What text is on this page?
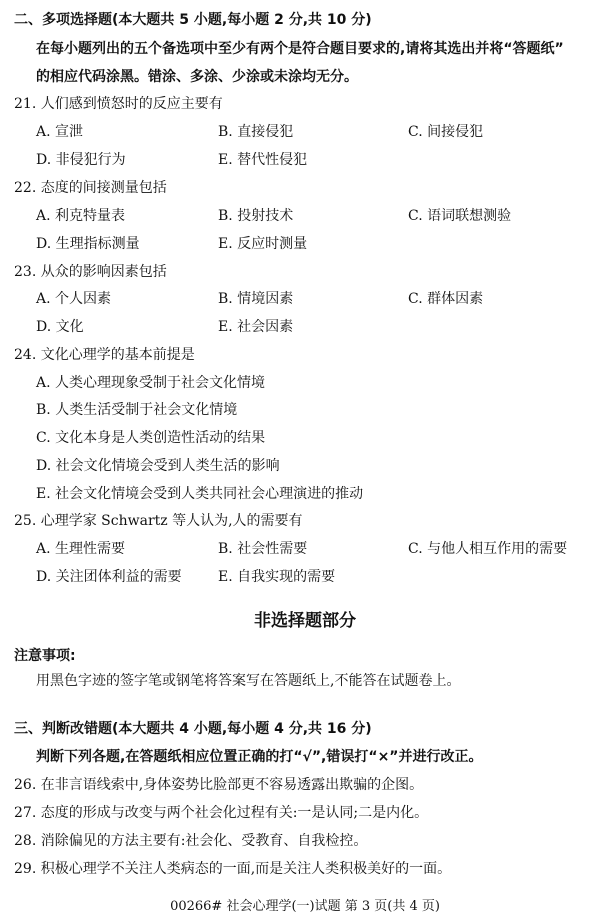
二、多项选择题(本大题共 5 小题,每小题 2 分,共 10 分)
在每小题列出的五个备选项中至少有两个是符合题目要求的,请将其选出并将“答题纸”
的相应代码涂黑。错涂、多涂、少涂或未涂均无分。
21. 人们感到愤怒时的反应主要有
A. 宣泄	B. 直接侵犯	C. 间接侵犯
D. 非侵犯行为	E. 替代性侵犯
22. 态度的间接测量包括
A. 利克特量表	B. 投射技术	C. 语词联想测验
D. 生理指标测量	E. 反应时测量
23. 从众的影响因素包括
A. 个人因素	B. 情境因素	C. 群体因素
D. 文化	E. 社会因素
24. 文化心理学的基本前提是
A. 人类心理现象受制于社会文化情境
B. 人类生活受制于社会文化情境
C. 文化本身是人类创造性活动的结果
D. 社会文化情境会受到人类生活的影响
E. 社会文化情境会受到人类共同社会心理演进的推动
25. 心理学家 Schwartz 等人认为,人的需要有
A. 生理性需要	B. 社会性需要	C. 与他人相互作用的需要
D. 关注团体利益的需要	E. 自我实现的需要
非选择题部分
注意事项:
用黑色字迹的签字笔或钢笔将答案写在答题纸上,不能答在试题卷上。
三、判断改错题(本大题共 4 小题,每小题 4 分,共 16 分)
判断下列各题,在答题纸相应位置正确的打“√”,错误打“×”并进行改正。
26. 在非言语线索中,身体姿势比脸部更不容易透露出欺骗的企图。
27. 态度的形成与改变与两个社会化过程有关:一是认同;二是内化。
28. 消除偏见的方法主要有:社会化、受教育、自我检控。
29. 积极心理学不关注人类病态的一面,而是关注人类积极美好的一面。
00266# 社会心理学(一)试题 第 3 页(共 4 页)
